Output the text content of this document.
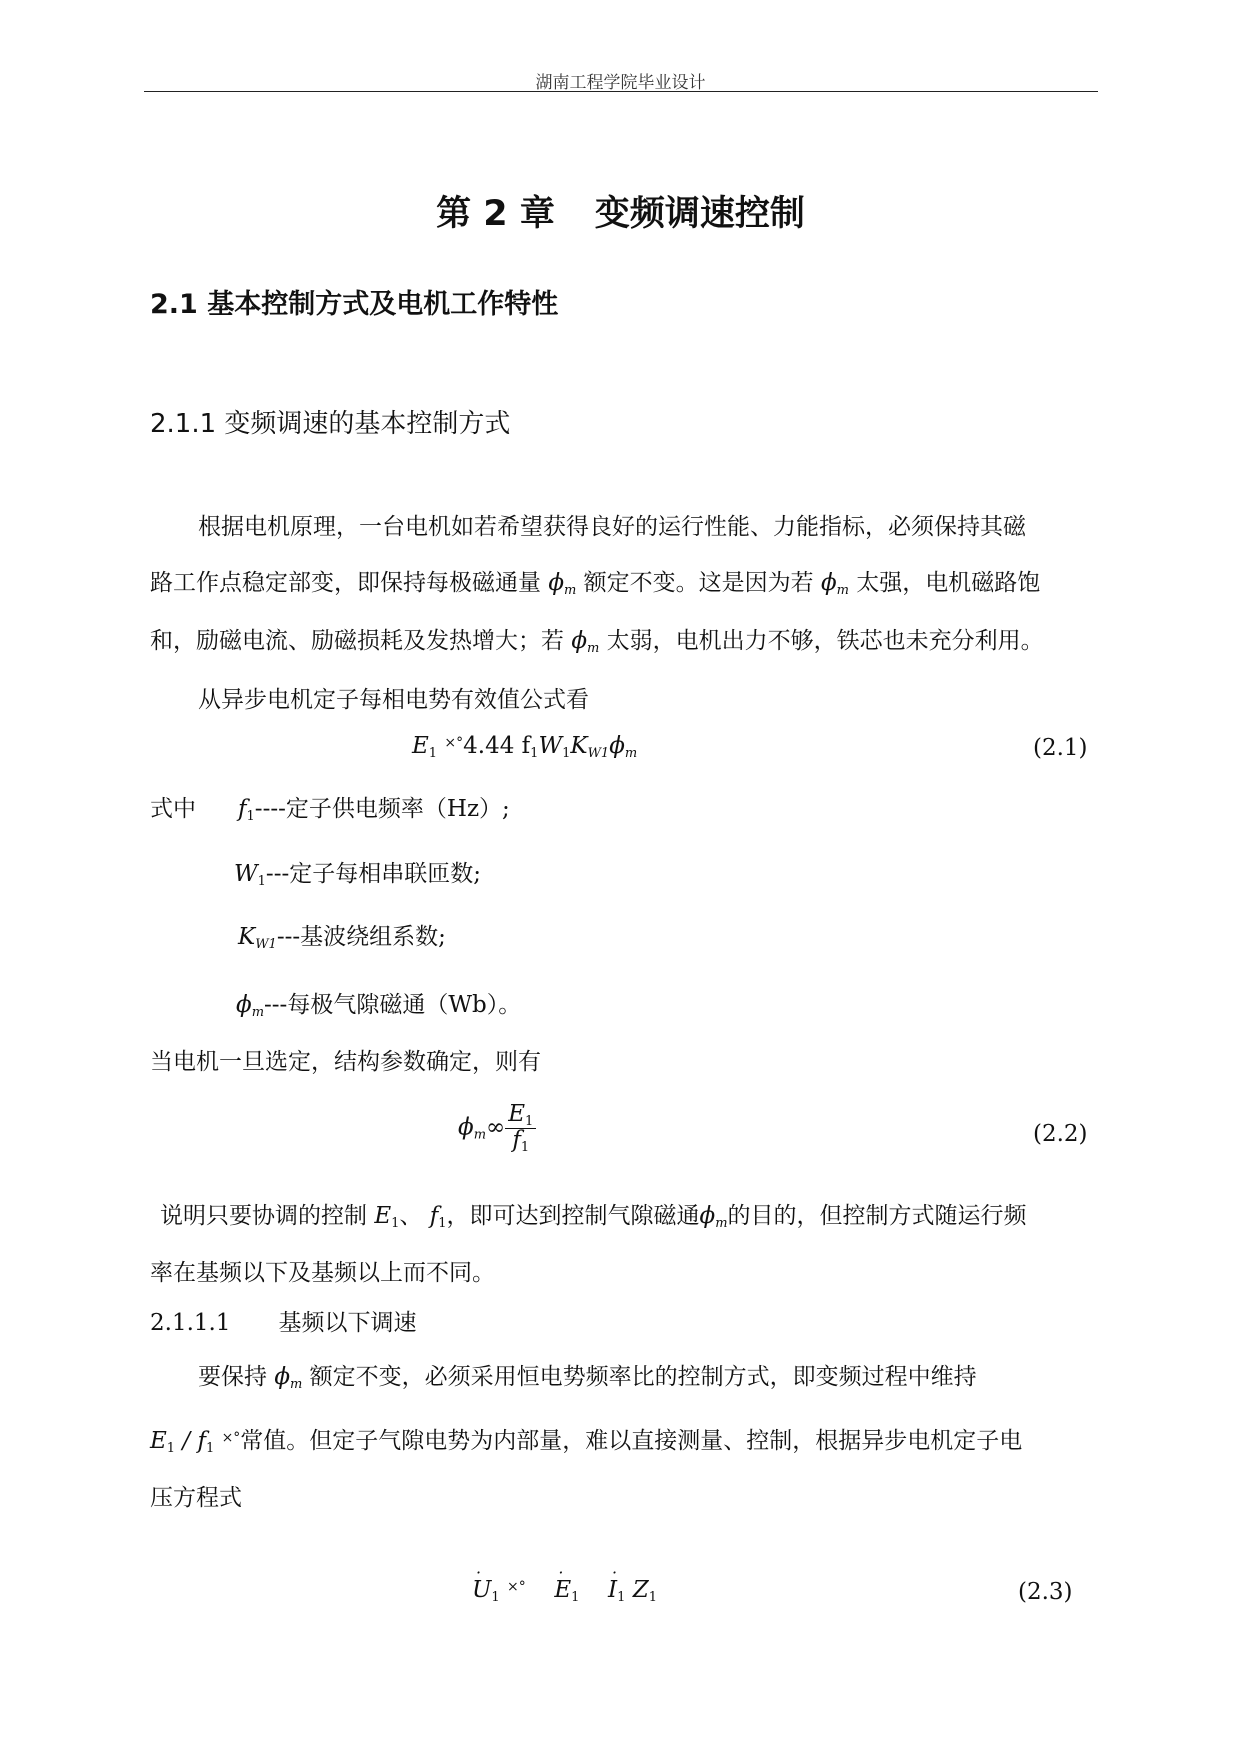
湖南工程学院毕业设计
第 2 章 变频调速控制
2.1 基本控制方式及电机工作特性
2.1.1 变频调速的基本控制方式
根据电机原理，一台电机如若希望获得良好的运行性能、力能指标，必须保持其磁
路工作点稳定部变，即保持每极磁通量 ϕm 额定不变。这是因为若 ϕm 太强，电机磁路饱
和，励磁电流、励磁损耗及发热增大；若 ϕm 太弱，电机出力不够，铁芯也未充分利用。
从异步电机定子每相电势有效值公式看
$E_1$ ×°4.44 $f_1W_1KW1\phi m$	(2.1)
式中 $f_1----$定子供电频率（Hz）;
$W_1---$定子每相串联匝数;
KW1---基波绕组系数;
ϕm---每极气隙磁通（Wb）。
当电机一旦选定，结构参数确定，则有
$\phi m\infty \frac{E_1}{f_1}$	(2.2)
说明只要协调的控制 $E_1$、 $f_1$，即可达到控制气隙磁通ϕm的目的，但控制方式随运行频
率在基频以下及基频以上而不同。
2.1.1.1 基频以下调速
要保持 ϕm 额定不变，必须采用恒电势频率比的控制方式，即变频过程中维持
$E_1 / f_1$ ×°常值。但定子气隙电势为内部量，难以直接测量、控制，根据异步电机定子电
压方程式
· $U_1$ $^{\times^\circ} \cdot E_1 \cdot I_1$ $Z_1$	(2.3)
